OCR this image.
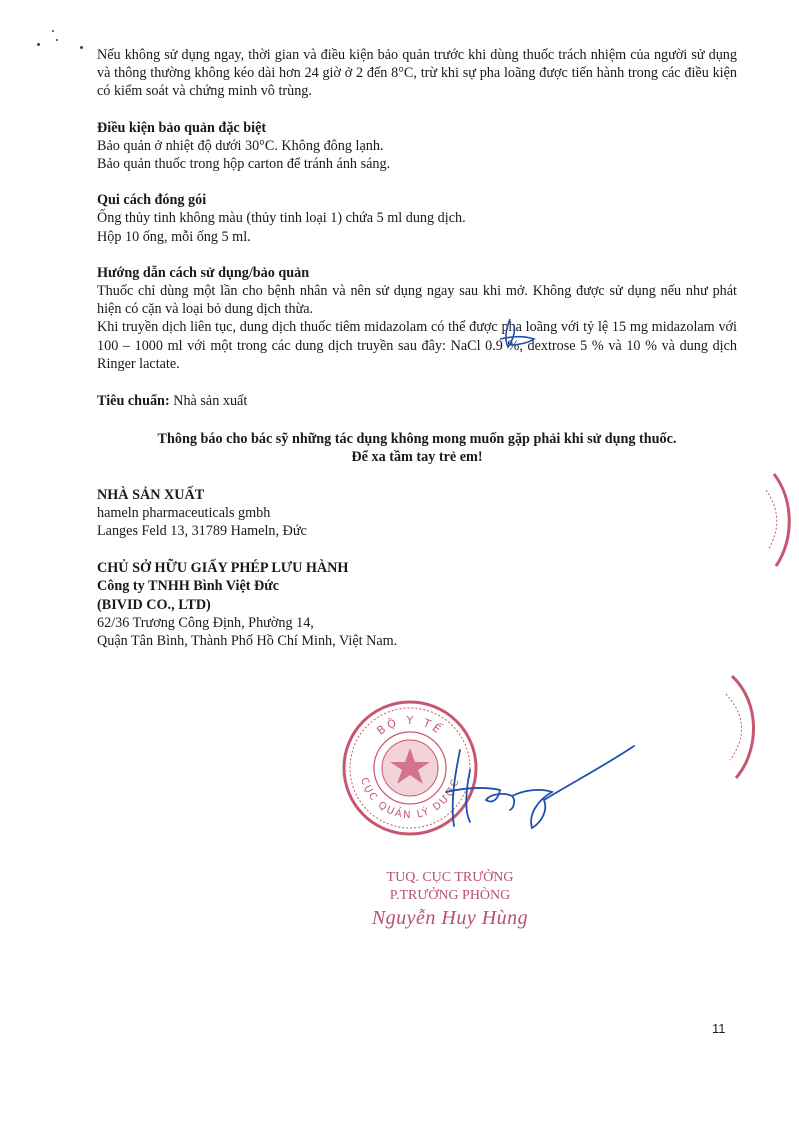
Nếu không sử dụng ngay, thời gian và điều kiện bảo quản trước khi dùng thuốc trách nhiệm của người sử dụng và thông thường không kéo dài hơn 24 giờ ở 2 đến 8°C, trừ khi sự pha loãng được tiến hành trong các điều kiện có kiểm soát và chứng minh vô trùng.

Điều kiện bảo quản đặc biệt

Bảo quản ở nhiệt độ dưới 30°C. Không đông lạnh.

Bảo quản thuốc trong hộp carton để tránh ánh sáng.

Qui cách đóng gói

Ống thủy tinh không màu (thủy tinh loại 1) chứa 5 ml dung dịch.

Hộp 10 ống, mỗi ống 5 ml.

Hướng dẫn cách sử dụng/bảo quản

Thuốc chỉ dùng một lần cho bệnh nhân và nên sử dụng ngay sau khi mở. Không được sử dụng nếu như phát hiện có cặn và loại bỏ dung dịch thừa.

Khi truyền dịch liên tục, dung dịch thuốc tiêm midazolam có thể được pha loãng với tỷ lệ 15 mg midazolam với 100 – 1000 ml với một trong các dung dịch truyền sau đây: NaCl 0.9 %, dextrose 5 % và 10 % và dung dịch Ringer lactate.

Tiêu chuẩn: Nhà sản xuất

Thông báo cho bác sỹ những tác dụng không mong muốn gặp phải khi sử dụng thuốc.

Để xa tầm tay trẻ em!

NHÀ SẢN XUẤT

hameln pharmaceuticals gmbh

Langes Feld 13, 31789 Hameln, Đức

CHỦ SỞ HỮU GIẤY PHÉP LƯU HÀNH

Công ty TNHH Bình Việt Đức

(BIVID CO., LTD)

62/36 Trương Công Định, Phường 14,

Quận Tân Bình, Thành Phố Hồ Chí Minh, Việt Nam.

BỘ Y TẾ
CỤC QUẢN LÝ DƯỢC

TUQ. CỤC TRƯỞNG

P.TRƯỞNG PHÒNG

Nguyễn Huy Hùng

11
